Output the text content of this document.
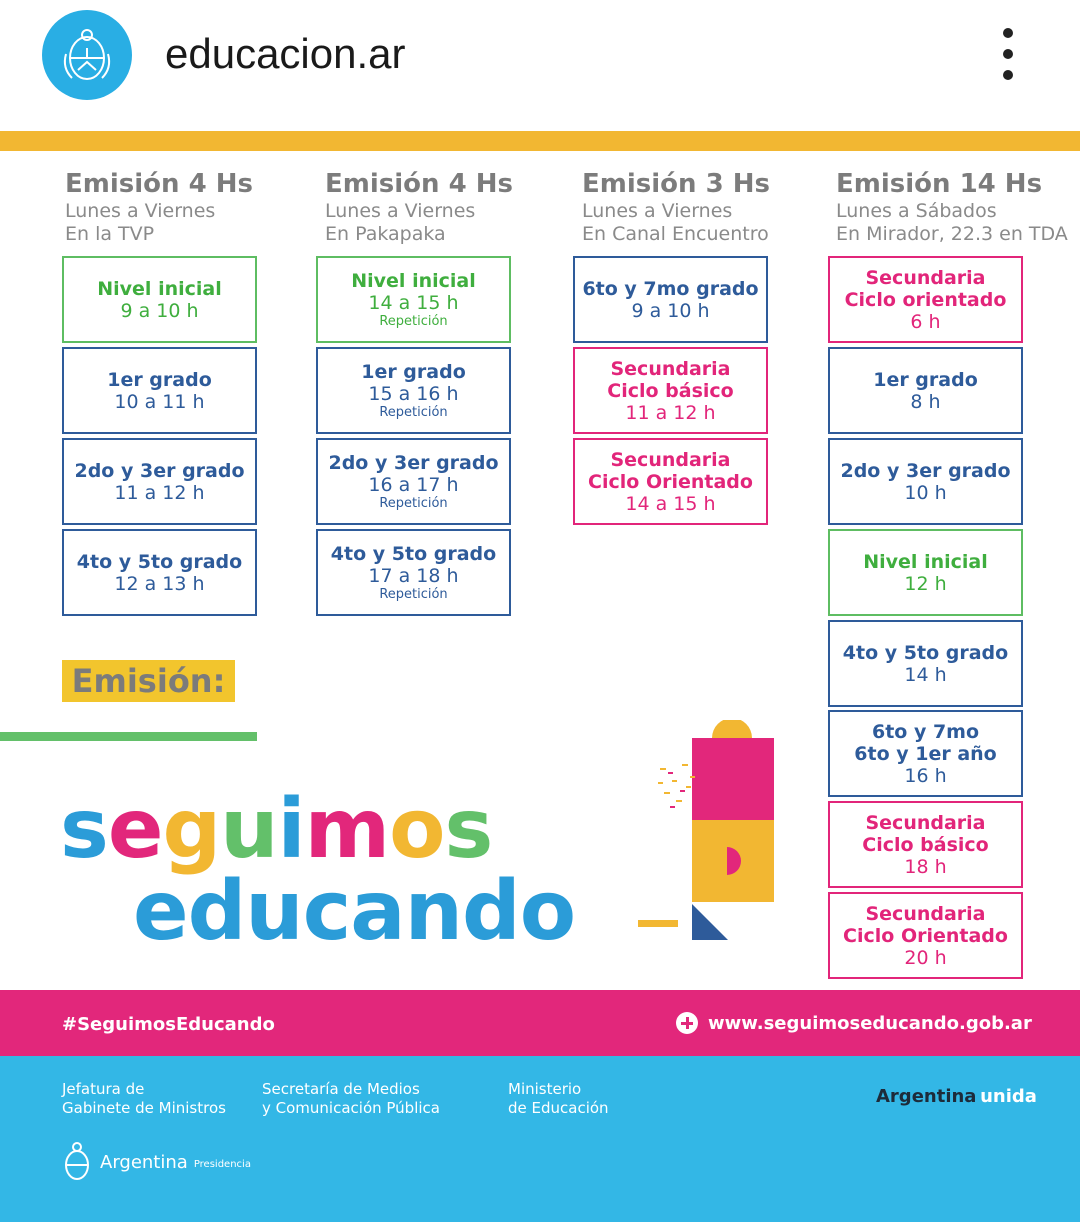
educacion.ar
Emisión 4 Hs
Lunes a Viernes
En la TVP
Nivel inicial
9 a 10 h
1er grado
10 a 11 h
2do y 3er grado
11 a 12 h
4to y 5to grado
12 a 13 h
Emisión 4 Hs
Lunes a Viernes
En Pakapaka
Nivel inicial
14 a 15 h
Repetición
1er grado
15 a 16 h
Repetición
2do y 3er grado
16 a 17 h
Repetición
4to y 5to grado
17 a 18 h
Repetición
Emisión 3 Hs
Lunes a Viernes
En Canal Encuentro
6to y 7mo grado
9 a 10 h
Secundaria
Ciclo básico
11 a 12 h
Secundaria
Ciclo Orientado
14 a 15 h
Emisión 14 Hs
Lunes a Sábados
En Mirador, 22.3 en TDA
Secundaria
Ciclo orientado
6 h
1er grado
8 h
2do y 3er grado
10 h
Nivel inicial
12 h
4to y 5to grado
14 h
6to y 7mo
6to y 1er año
16 h
Secundaria
Ciclo básico
18 h
Secundaria
Ciclo Orientado
20 h
Emisión:
seguimos
educando
#SeguimosEducando	www.seguimoseducando.gob.ar
Jefatura de
Gabinete de Ministros
Secretaría de Medios
y Comunicación Pública
Ministerio
de Educación
Argentina  unida
Argentina Presidencia
